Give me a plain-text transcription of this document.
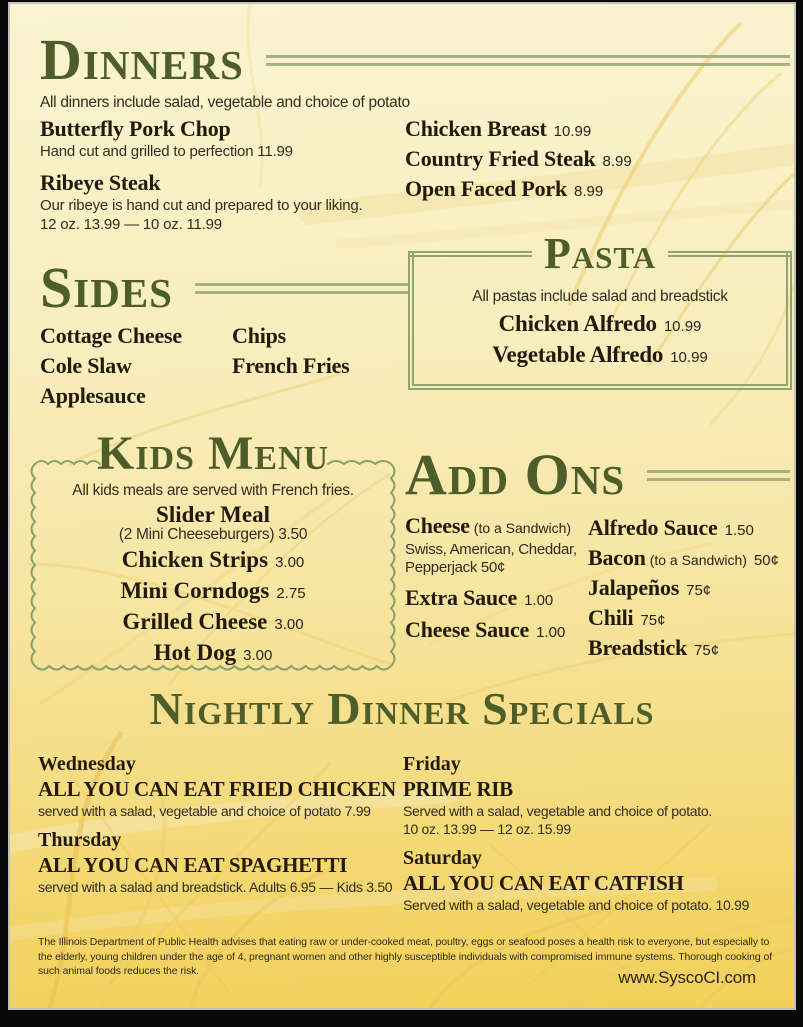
Dinners
All dinners include salad, vegetable and choice of potato
Butterfly Pork Chop
Hand cut and grilled to perfection 11.99
Ribeye Steak
Our ribeye is hand cut and prepared to your liking.
12 oz. 13.99 — 10 oz. 11.99
Chicken Breast 10.99
Country Fried Steak 8.99
Open Faced Pork 8.99
Sides
Cottage Cheese
Cole Slaw
Applesauce
Chips
French Fries
Pasta
All pastas include salad and breadstick
Chicken Alfredo 10.99
Vegetable Alfredo 10.99
Kids Menu
All kids meals are served with French fries.
Slider Meal
(2 Mini Cheeseburgers) 3.50
Chicken Strips 3.00
Mini Corndogs 2.75
Grilled Cheese 3.00
Hot Dog 3.00
Add Ons
Cheese (to a Sandwich)
Swiss, American, Cheddar,
Pepperjack 50¢
Extra Sauce 1.00
Cheese Sauce 1.00
Alfredo Sauce 1.50
Bacon (to a Sandwich) 50¢
Jalapeños 75¢
Chili 75¢
Breadstick 75¢
Nightly Dinner Specials
Wednesday
ALL YOU CAN EAT FRIED CHICKEN
served with a salad, vegetable and choice of potato 7.99
Thursday
ALL YOU CAN EAT SPAGHETTI
served with a salad and breadstick. Adults 6.95 — Kids 3.50
Friday
PRIME RIB
Served with a salad, vegetable and choice of potato.
10 oz. 13.99 — 12 oz. 15.99
Saturday
ALL YOU CAN EAT CATFISH
Served with a salad, vegetable and choice of potato. 10.99
The Illinois Department of Public Health advises that eating raw or under-cooked meat, poultry, eggs or seafood poses a health risk to everyone, but especially to the elderly, young children under the age of 4, pregnant women and other highly susceptible individuals with compromised immune systems. Thorough cooking of such animal foods reduces the risk.	www.SyscoCI.com
